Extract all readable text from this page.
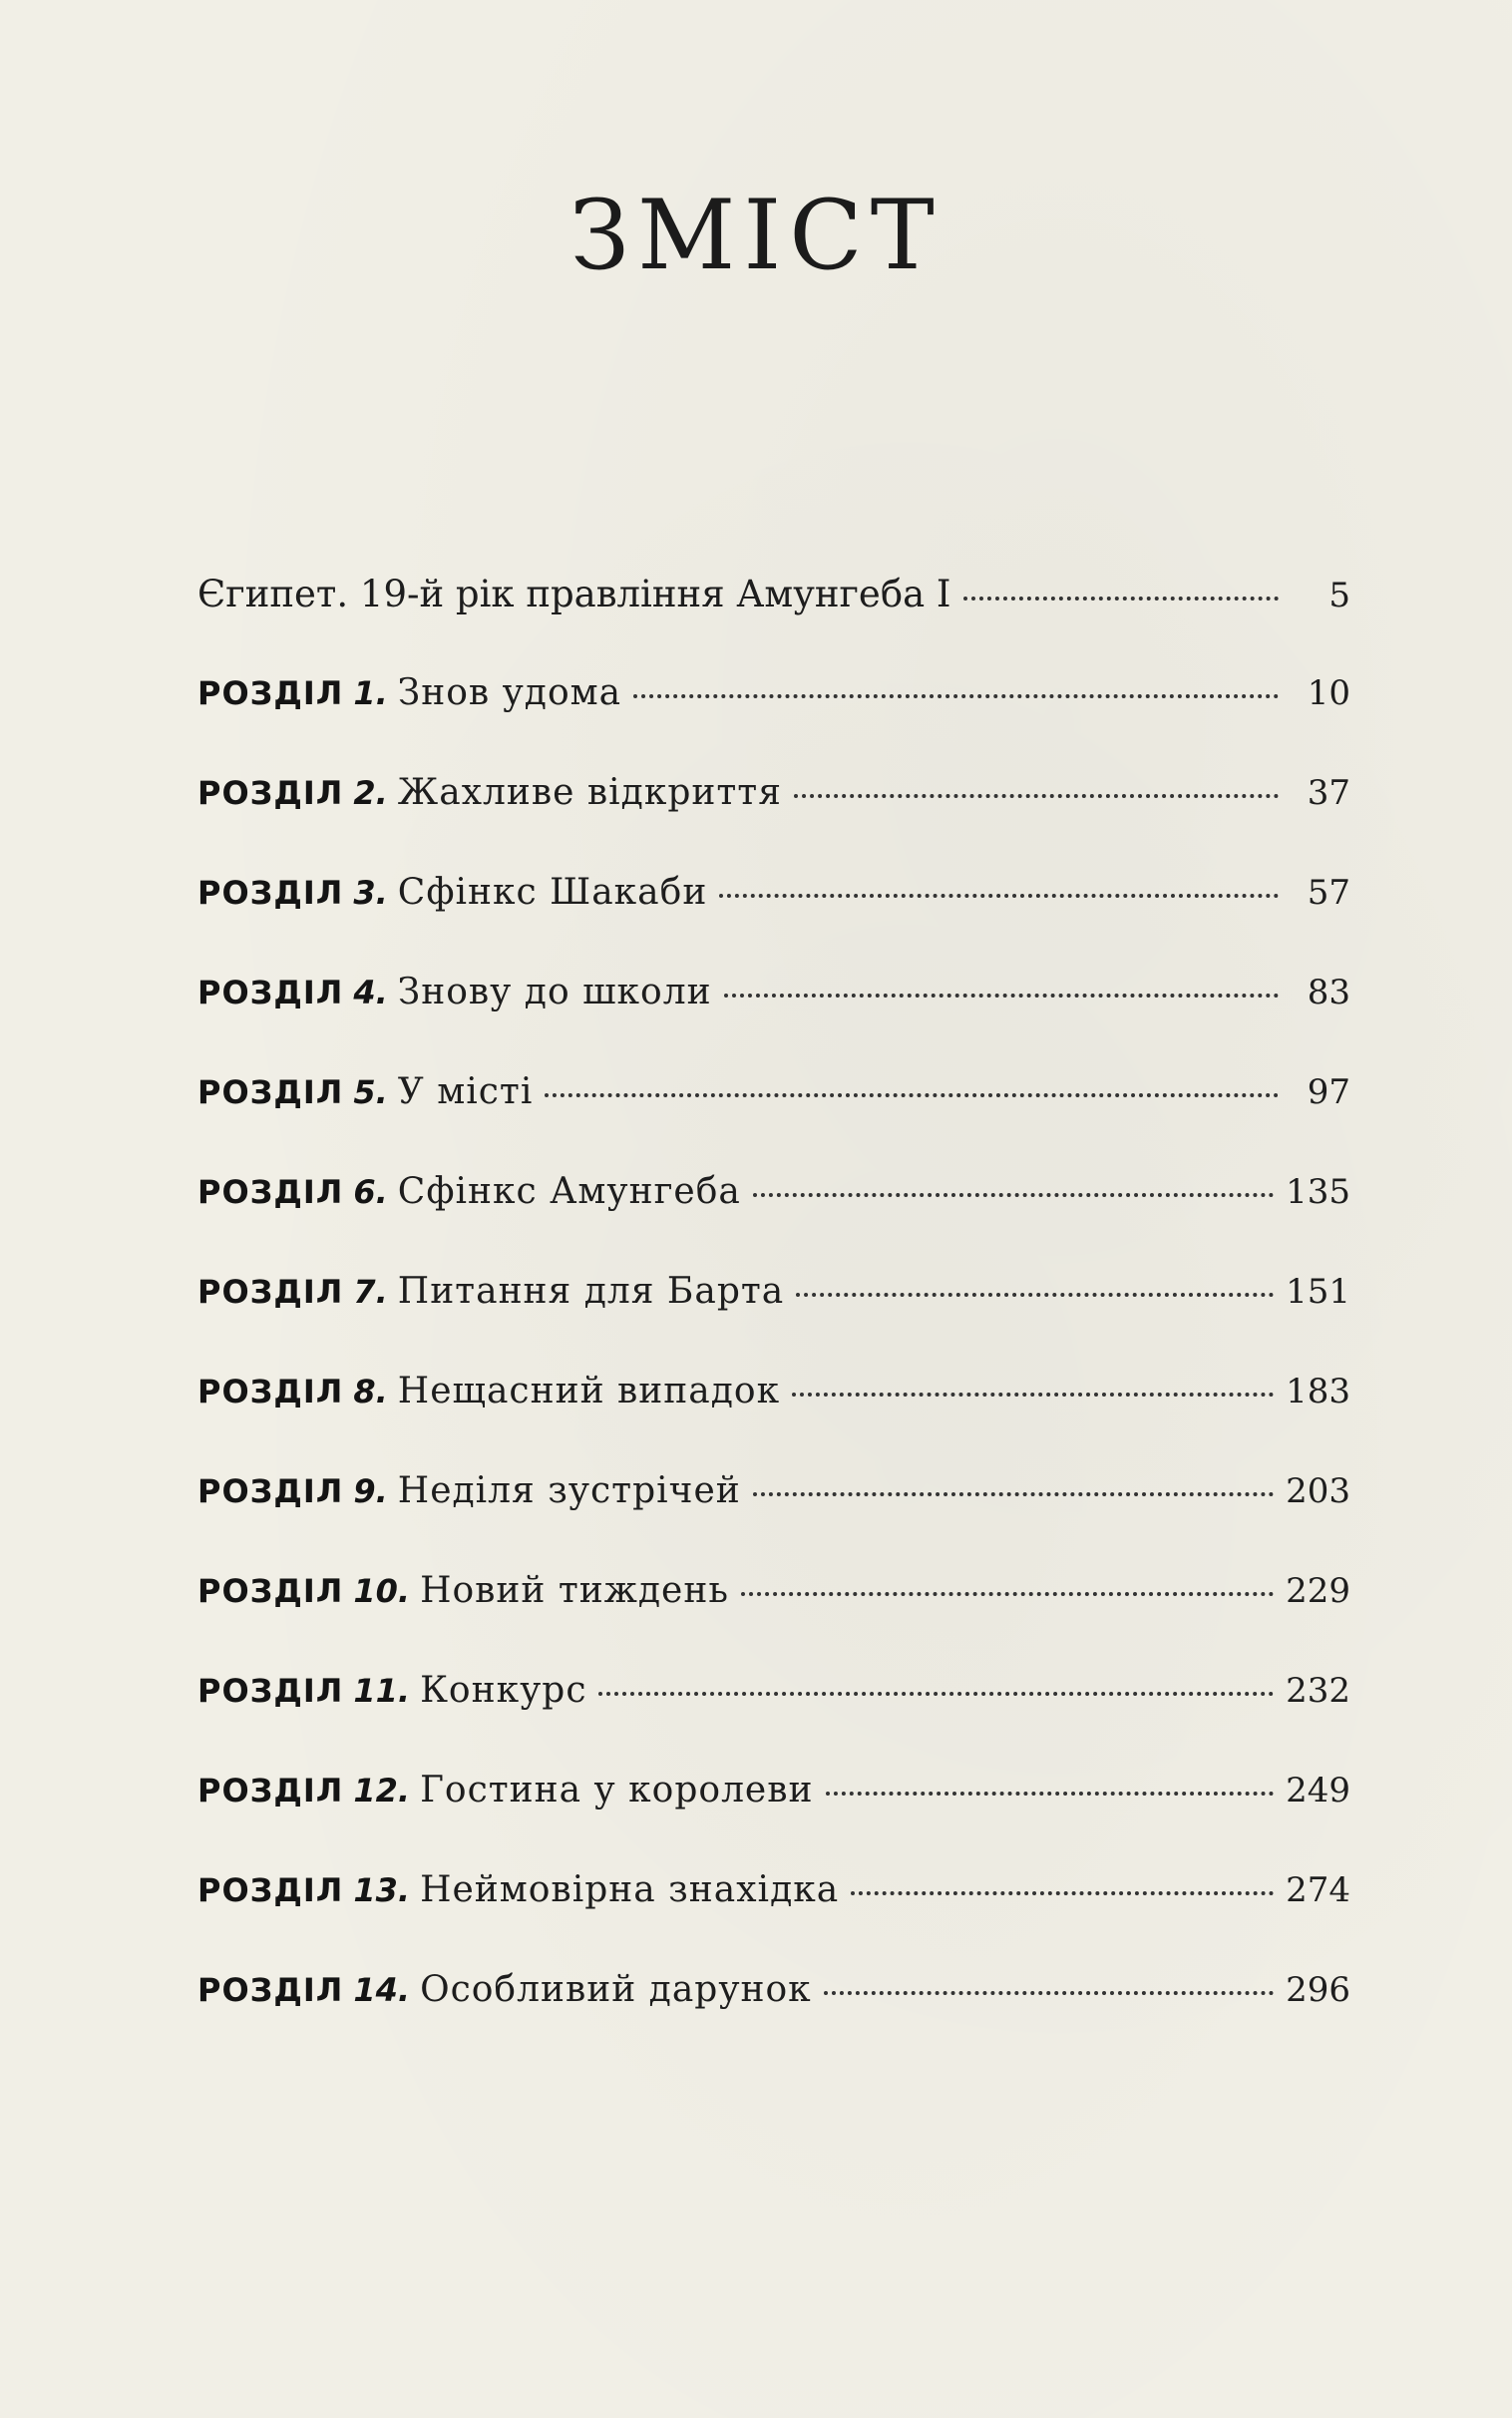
ЗМІСТ
Єгипет. 19-й рік правління Амунгеба І	5
РОЗДІЛ 1. Знов удома	10
РОЗДІЛ 2. Жахливе відкриття	37
РОЗДІЛ 3. Сфінкс Шакаби	57
РОЗДІЛ 4. Знову до школи	83
РОЗДІЛ 5. У місті	97
РОЗДІЛ 6. Сфінкс Амунгеба	135
РОЗДІЛ 7. Питання для Барта	151
РОЗДІЛ 8. Нещасний випадок	183
РОЗДІЛ 9. Неділя зустрічей	203
РОЗДІЛ 10. Новий тиждень	229
РОЗДІЛ 11. Конкурс	232
РОЗДІЛ 12. Гостина у королеви	249
РОЗДІЛ 13. Неймовірна знахідка	274
РОЗДІЛ 14. Особливий дарунок	296
